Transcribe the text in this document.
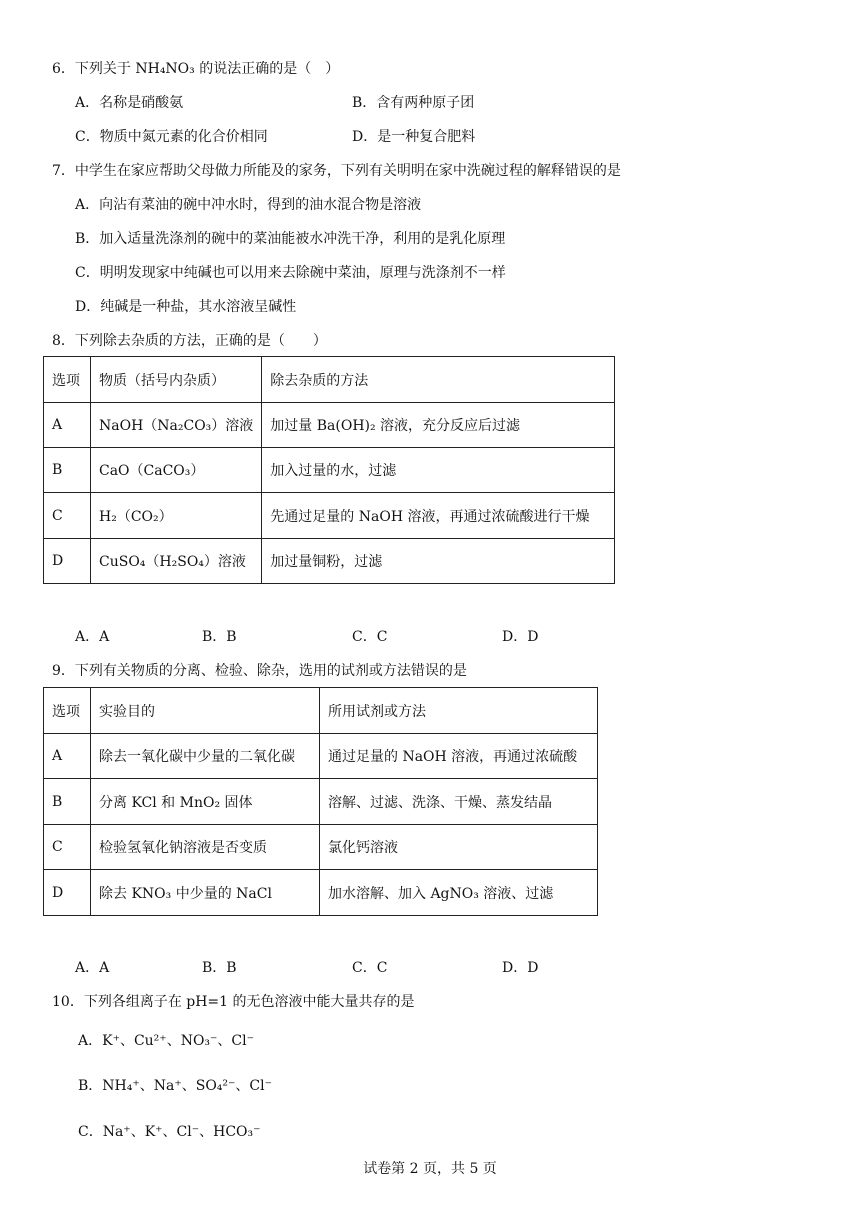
6．下列关于 NH₄NO₃ 的说法正确的是（　）
A．名称是硝酸氨	B．含有两种原子团
C．物质中氮元素的化合价相同	D．是一种复合肥料
7．中学生在家应帮助父母做力所能及的家务，下列有关明明在家中洗碗过程的解释错误的是
A．向沾有菜油的碗中冲水时，得到的油水混合物是溶液
B．加入适量洗涤剂的碗中的菜油能被水冲洗干净，利用的是乳化原理
C．明明发现家中纯碱也可以用来去除碗中菜油，原理与洗涤剂不一样
D．纯碱是一种盐，其水溶液呈碱性
8．下列除去杂质的方法，正确的是（　　）
选项	物质（括号内杂质）	除去杂质的方法
A	NaOH（Na₂CO₃）溶液	加过量 Ba(OH)₂ 溶液，充分反应后过滤
B	CaO（CaCO₃）	加入过量的水，过滤
C	H₂（CO₂）	先通过足量的 NaOH 溶液，再通过浓硫酸进行干燥
D	CuSO₄（H₂SO₄）溶液	加过量铜粉，过滤
A．A	B．B	C．C	D．D
9．下列有关物质的分离、检验、除杂，选用的试剂或方法错误的是
选项	实验目的	所用试剂或方法
A	除去一氧化碳中少量的二氧化碳	通过足量的 NaOH 溶液，再通过浓硫酸
B	分离 KCl 和 MnO₂ 固体	溶解、过滤、洗涤、干燥、蒸发结晶
C	检验氢氧化钠溶液是否变质	氯化钙溶液
D	除去 KNO₃ 中少量的 NaCl	加水溶解、加入 AgNO₃ 溶液、过滤
A．A	B．B	C．C	D．D
10．下列各组离子在 pH=1 的无色溶液中能大量共存的是
A．K⁺、Cu²⁺、NO₃⁻、Cl⁻
B．NH₄⁺、Na⁺、SO₄²⁻、Cl⁻
C．Na⁺、K⁺、Cl⁻、HCO₃⁻
试卷第 2 页，共 5 页
